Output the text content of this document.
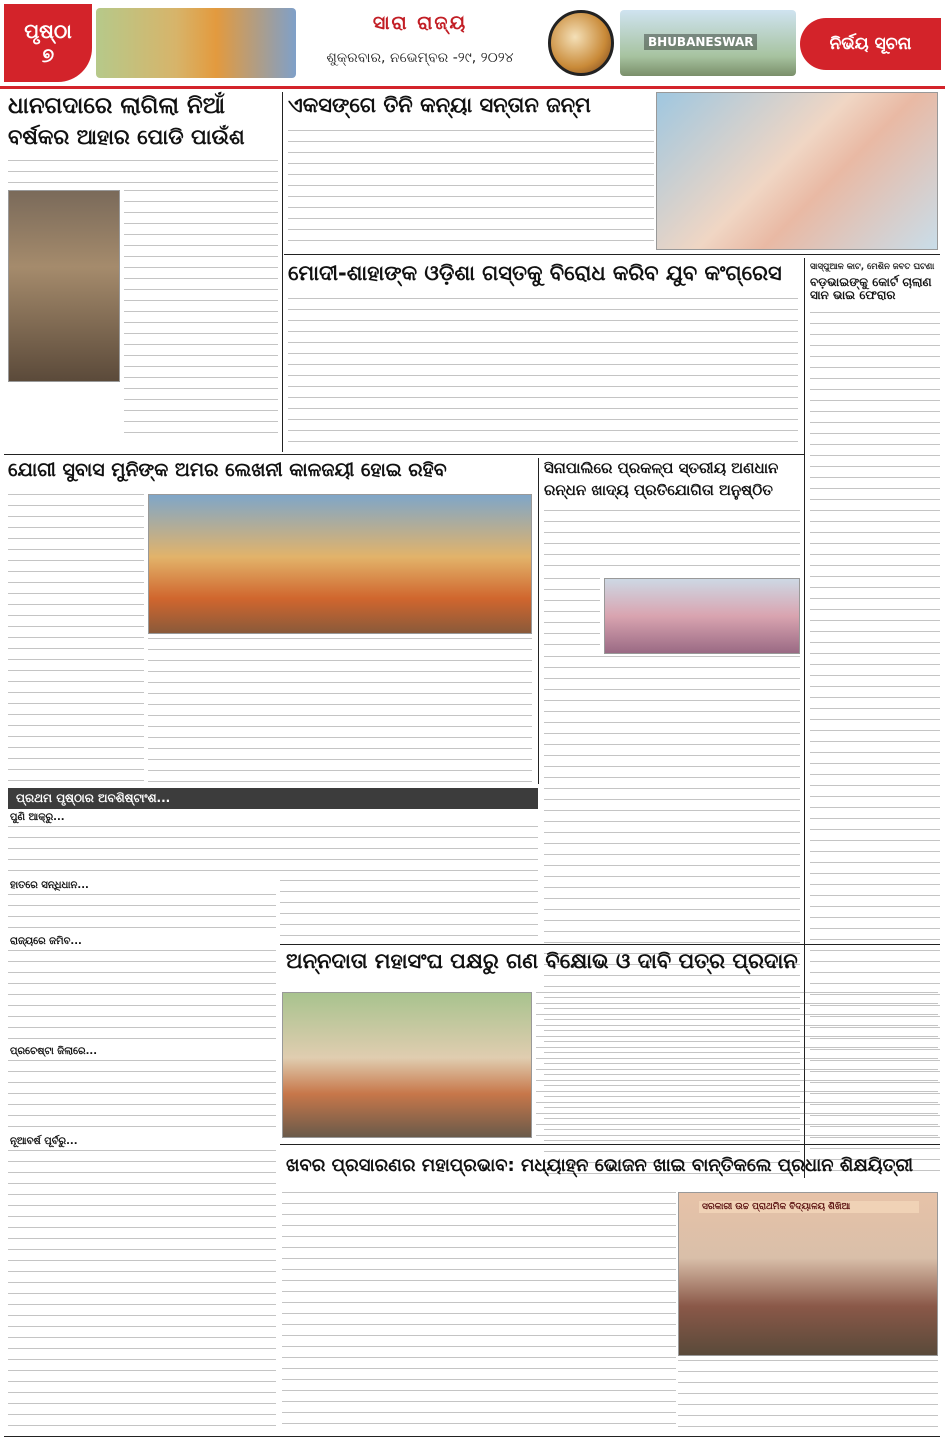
ପୃଷ୍ଠା
୭
ସାରା ରାଜ୍ୟ
ଶୁକ୍ରବାର, ନଭେମ୍ବର -୨୯, ୨୦୨୪
BHUBANESWAR	ନିର୍ଭୟ ସୂଚନା
ଧାନଗଦାରେ ଲାଗିଲା ନିଆଁ
ବର୍ଷକର ଆହାର ପୋଡି ପାଉଁଶ
ଏକସଙ୍ଗେ ତିନି କନ୍ୟା ସନ୍ତାନ ଜନ୍ମ
ମୋଦୀ-ଶାହାଙ୍କ ଓଡ଼ିଶା ଗସ୍ତକୁ ବିରୋଧ କରିବ ଯୁବ କଂଗ୍ରେସ	ସାସ୍ପୁଆଳ କାଟ, ମେଶିନ ଜବତ ଘଟଣା
ବଡ଼ଭାଇଙ୍କୁ କୋର୍ଟ ଚାଲାଣ ସାନ ଭାଇ ଫେରାର
ଯୋଗୀ ସୁବାସ ମୁନିଙ୍କ ଅମର ଲେଖନୀ କାଳଜୟୀ ହୋଇ ରହିବ	ସିନାପାଲିରେ ପ୍ରକଳ୍ପ ସ୍ତରୀୟ ଅଣଧାନ
ରନ୍ଧନ ଖାଦ୍ୟ ପ୍ରତିଯୋଗିତା ଅନୁଷ୍ଠିତ
ପ୍ରଥମ ପୃଷ୍ଠାର ଅବଶିଷ୍ଟାଂଶ...
ପୁଣି ଆକ୍ରୁ...
ହାତରେ ସନ୍ଧିଧାନ...
ରାଜ୍ୟରେ ଜମିବ...
ପ୍ରଚେଷ୍ଟା ଜିଲାରେ...
ନୂଆବର୍ଷ ପୂର୍ବରୁ...
ଅନ୍ନଦାତା ମହାସଂଘ ପକ୍ଷରୁ ଗଣ ବିକ୍ଷୋଭ ଓ ଦାବି ପତ୍ର ପ୍ରଦାନ
ଖବର ପ୍ରସାରଣର ମହାପ୍ରଭାବ: ମଧ୍ୟାହ୍ନ ଭୋଜନ ଖାଇ ବାନ୍ତିକଲେ ପ୍ରଧାନ ଶିକ୍ଷୟିତ୍ରୀ
ସରକାରୀ ଉଚ୍ଚ ପ୍ରାଥମିକ ବିଦ୍ୟାଳୟ ଶିଖିଆ
